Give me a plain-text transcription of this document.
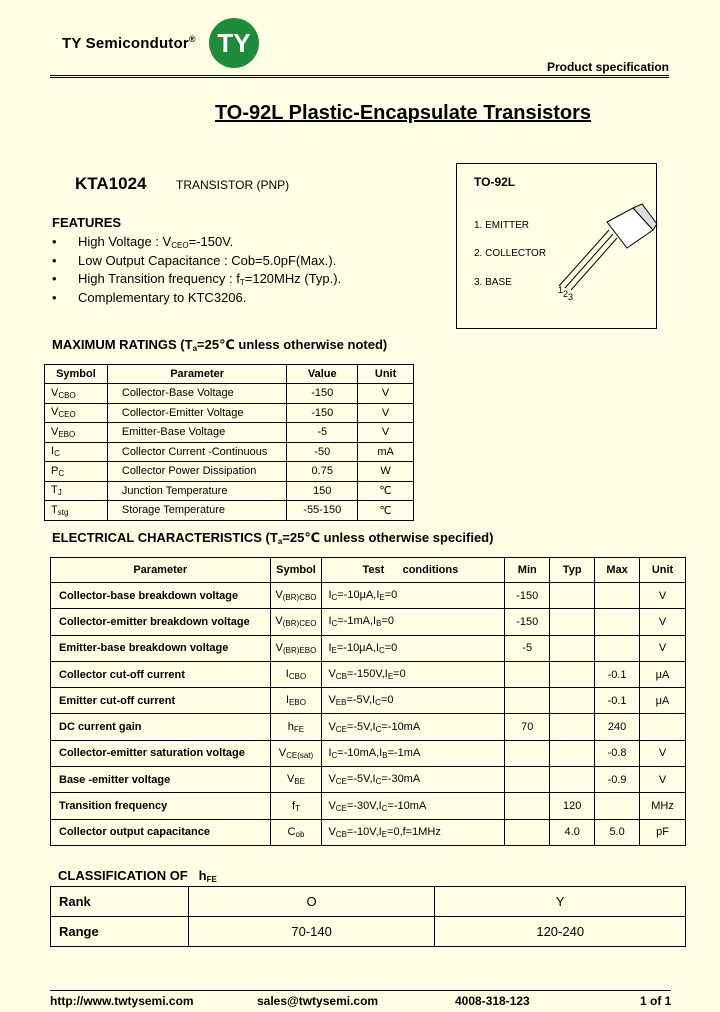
TY Semicondutor® TY
Product specification
TO-92L Plastic-Encapsulate Transistors
KTA1024 TRANSISTOR (PNP)	TO-92L
1. EMITTER
2. COLLECTOR
3. BASE
1 2 3
FEATURES
• High Voltage : $V_{CEO}=-150V$.
• Low Output Capacitance : Cob=5.0pF(Max.).
• High Transition frequency : $f_T=120MHz$ (Typ.).
• Complementary to KTC3206.
MAXIMUM RATINGS ($T_a=25℃$ unless otherwise noted)
Symbol	Parameter	Value	Unit
$V_{CBO}$	Collector-Base Voltage	-150	V
$V_{CEO}$	Collector-Emitter Voltage	-150	V
$V_{EBO}$	Emitter-Base Voltage	-5	V
$I_C$	Collector Current -Continuous	-50	mA
$P_C$	Collector Power Dissipation	0.75	W
$T_J$	Junction Temperature	150	℃
$T_{stg}$	Storage Temperature	-55-150	℃
ELECTRICAL CHARACTERISTICS ($T_a=25℃$ unless otherwise specified)
Parameter	Symbol	Test      conditions	Min	Typ	Max	Unit
Collector-base breakdown voltage	$V_{(BR)CBO}$	$I_C=-10\mu A,I_E=0$	-150			V
Collector-emitter breakdown voltage	$V_{(BR)CEO}$	$I_C=-1mA,I_B=0$	-150			V
Emitter-base breakdown voltage	$V_{(BR)EBO}$	$I_E=-10\mu A,I_C=0$	-5			V
Collector cut-off current	$I_{CBO}$	$V_{CB}=-150V,I_E=0$			-0.1	μA
Emitter cut-off current	$I_{EBO}$	$V_{EB}=-5V,I_C=0$			-0.1	μA
DC current gain	$h_{FE}$	$V_{CE}=-5V,I_C=-10mA$	70		240	
Collector-emitter saturation voltage	$V_{CE(sat)}$	$I_C=-10mA,I_B=-1mA$			-0.8	V
Base -emitter voltage	$V_{BE}$	$V_{CE}=-5V,I_C=-30mA$			-0.9	V
Transition frequency	$f_T$	$V_{CE}=-30V,I_C=-10mA$		120		MHz
Collector output capacitance	$C_{ob}$	$V_{CB}=-10V,I_E=0,f=1MHz$		4.0	5.0	pF
CLASSIFICATION OF $h_{FE}$
Rank	O	Y
Range	70-140	120-240
http://www.twtysemi.com	sales@twtysemi.com	4008-318-123	1 of 1
